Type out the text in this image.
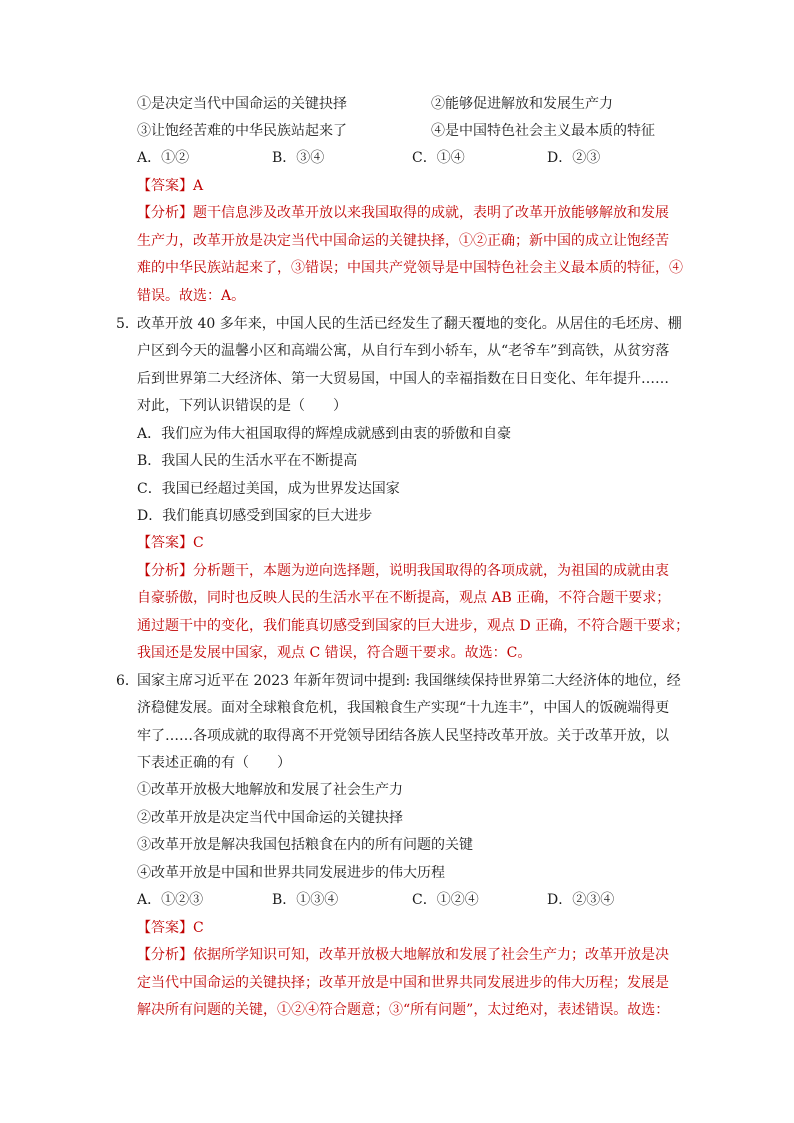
①是决定当代中国命运的关键抉择	②能够促进解放和发展生产力
③让饱经苦难的中华民族站起来了	④是中国特色社会主义最本质的特征
A．①②	B．③④	C．①④	D．②③
【答案】A
【分析】题干信息涉及改革开放以来我国取得的成就，表明了改革开放能够解放和发展
生产力，改革开放是决定当代中国命运的关键抉择，①②正确；新中国的成立让饱经苦
难的中华民族站起来了，③错误；中国共产党领导是中国特色社会主义最本质的特征，④
错误。故选：A。
5．
改革开放 40 多年来，中国人民的生活已经发生了翻天覆地的变化。从居住的毛坯房、棚
户区到今天的温馨小区和高端公寓，从自行车到小轿车，从“老爷车”到高铁，从贫穷落
后到世界第二大经济体、第一大贸易国，中国人的幸福指数在日日变化、年年提升……
对此，下列认识错误的是（　　）
A．我们应为伟大祖国取得的辉煌成就感到由衷的骄傲和自豪
B．我国人民的生活水平在不断提高
C．我国已经超过美国，成为世界发达国家
D．我们能真切感受到国家的巨大进步
【答案】C
【分析】分析题干，本题为逆向选择题，说明我国取得的各项成就，为祖国的成就由衷
自豪骄傲，同时也反映人民的生活水平在不断提高，观点 AB 正确，不符合题干要求；
通过题干中的变化，我们能真切感受到国家的巨大进步，观点 D 正确，不符合题干要求；
我国还是发展中国家，观点 C 错误，符合题干要求。故选：C。
6．
国家主席习近平在 2023 年新年贺词中提到: 我国继续保持世界第二大经济体的地位，经
济稳健发展。面对全球粮食危机，我国粮食生产实现“十九连丰”，中国人的饭碗端得更
牢了……各项成就的取得离不开党领导团结各族人民坚持改革开放。关于改革开放，以
下表述正确的有（　　）
①改革开放极大地解放和发展了社会生产力
②改革开放是决定当代中国命运的关键抉择
③改革开放是解决我国包括粮食在内的所有问题的关键
④改革开放是中国和世界共同发展进步的伟大历程
A．①②③	B．①③④	C．①②④	D．②③④
【答案】C
【分析】依据所学知识可知，改革开放极大地解放和发展了社会生产力；改革开放是决
定当代中国命运的关键抉择；改革开放是中国和世界共同发展进步的伟大历程；发展是
解决所有问题的关键，①②④符合题意；③“所有问题”，太过绝对，表述错误。故选：
